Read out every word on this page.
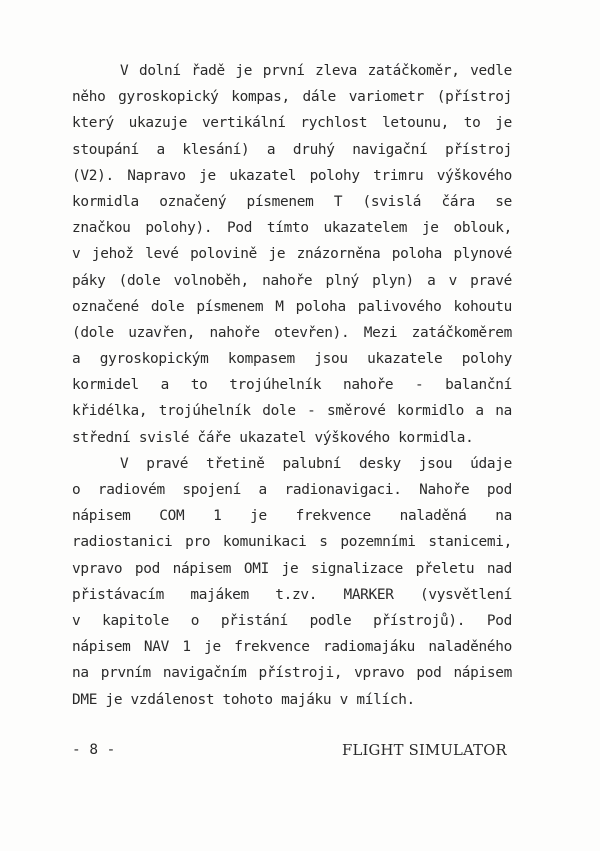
V dolní řadě je první zleva zatáčkoměr, vedle
něho gyroskopický kompas, dále variometr (přístroj
který ukazuje vertikální rychlost letounu, to je
stoupání a klesání) a druhý navigační přístroj
(V2). Napravo je ukazatel polohy trimru výškového
kormidla označený písmenem T (svislá čára se
značkou polohy). Pod tímto ukazatelem je oblouk,
v jehož levé polovině je znázorněna poloha plynové
páky (dole volnoběh, nahoře plný plyn) a v pravé
označené dole písmenem M poloha palivového kohoutu
(dole uzavřen, nahoře otevřen). Mezi zatáčkoměrem
a gyroskopickým kompasem jsou ukazatele polohy
kormidel a to trojúhelník nahoře - balanční
křidélka, trojúhelník dole - směrové kormidlo a na
střední svislé čáře ukazatel výškového kormidla.
V pravé třetině palubní desky jsou údaje
o radiovém spojení a radionavigaci. Nahoře pod
nápisem COM 1 je frekvence naladěná na
radiostanici pro komunikaci s pozemními stanicemi,
vpravo pod nápisem OMI je signalizace přeletu nad
přistávacím majákem t.zv. MARKER (vysvětlení
v kapitole o přistání podle přístrojů). Pod
nápisem NAV 1 je frekvence radiomajáku naladěného
na prvním navigačním přístroji, vpravo pod nápisem
DME je vzdálenost tohoto majáku v mílích.
- 8 -	FLIGHT SIMULATOR
